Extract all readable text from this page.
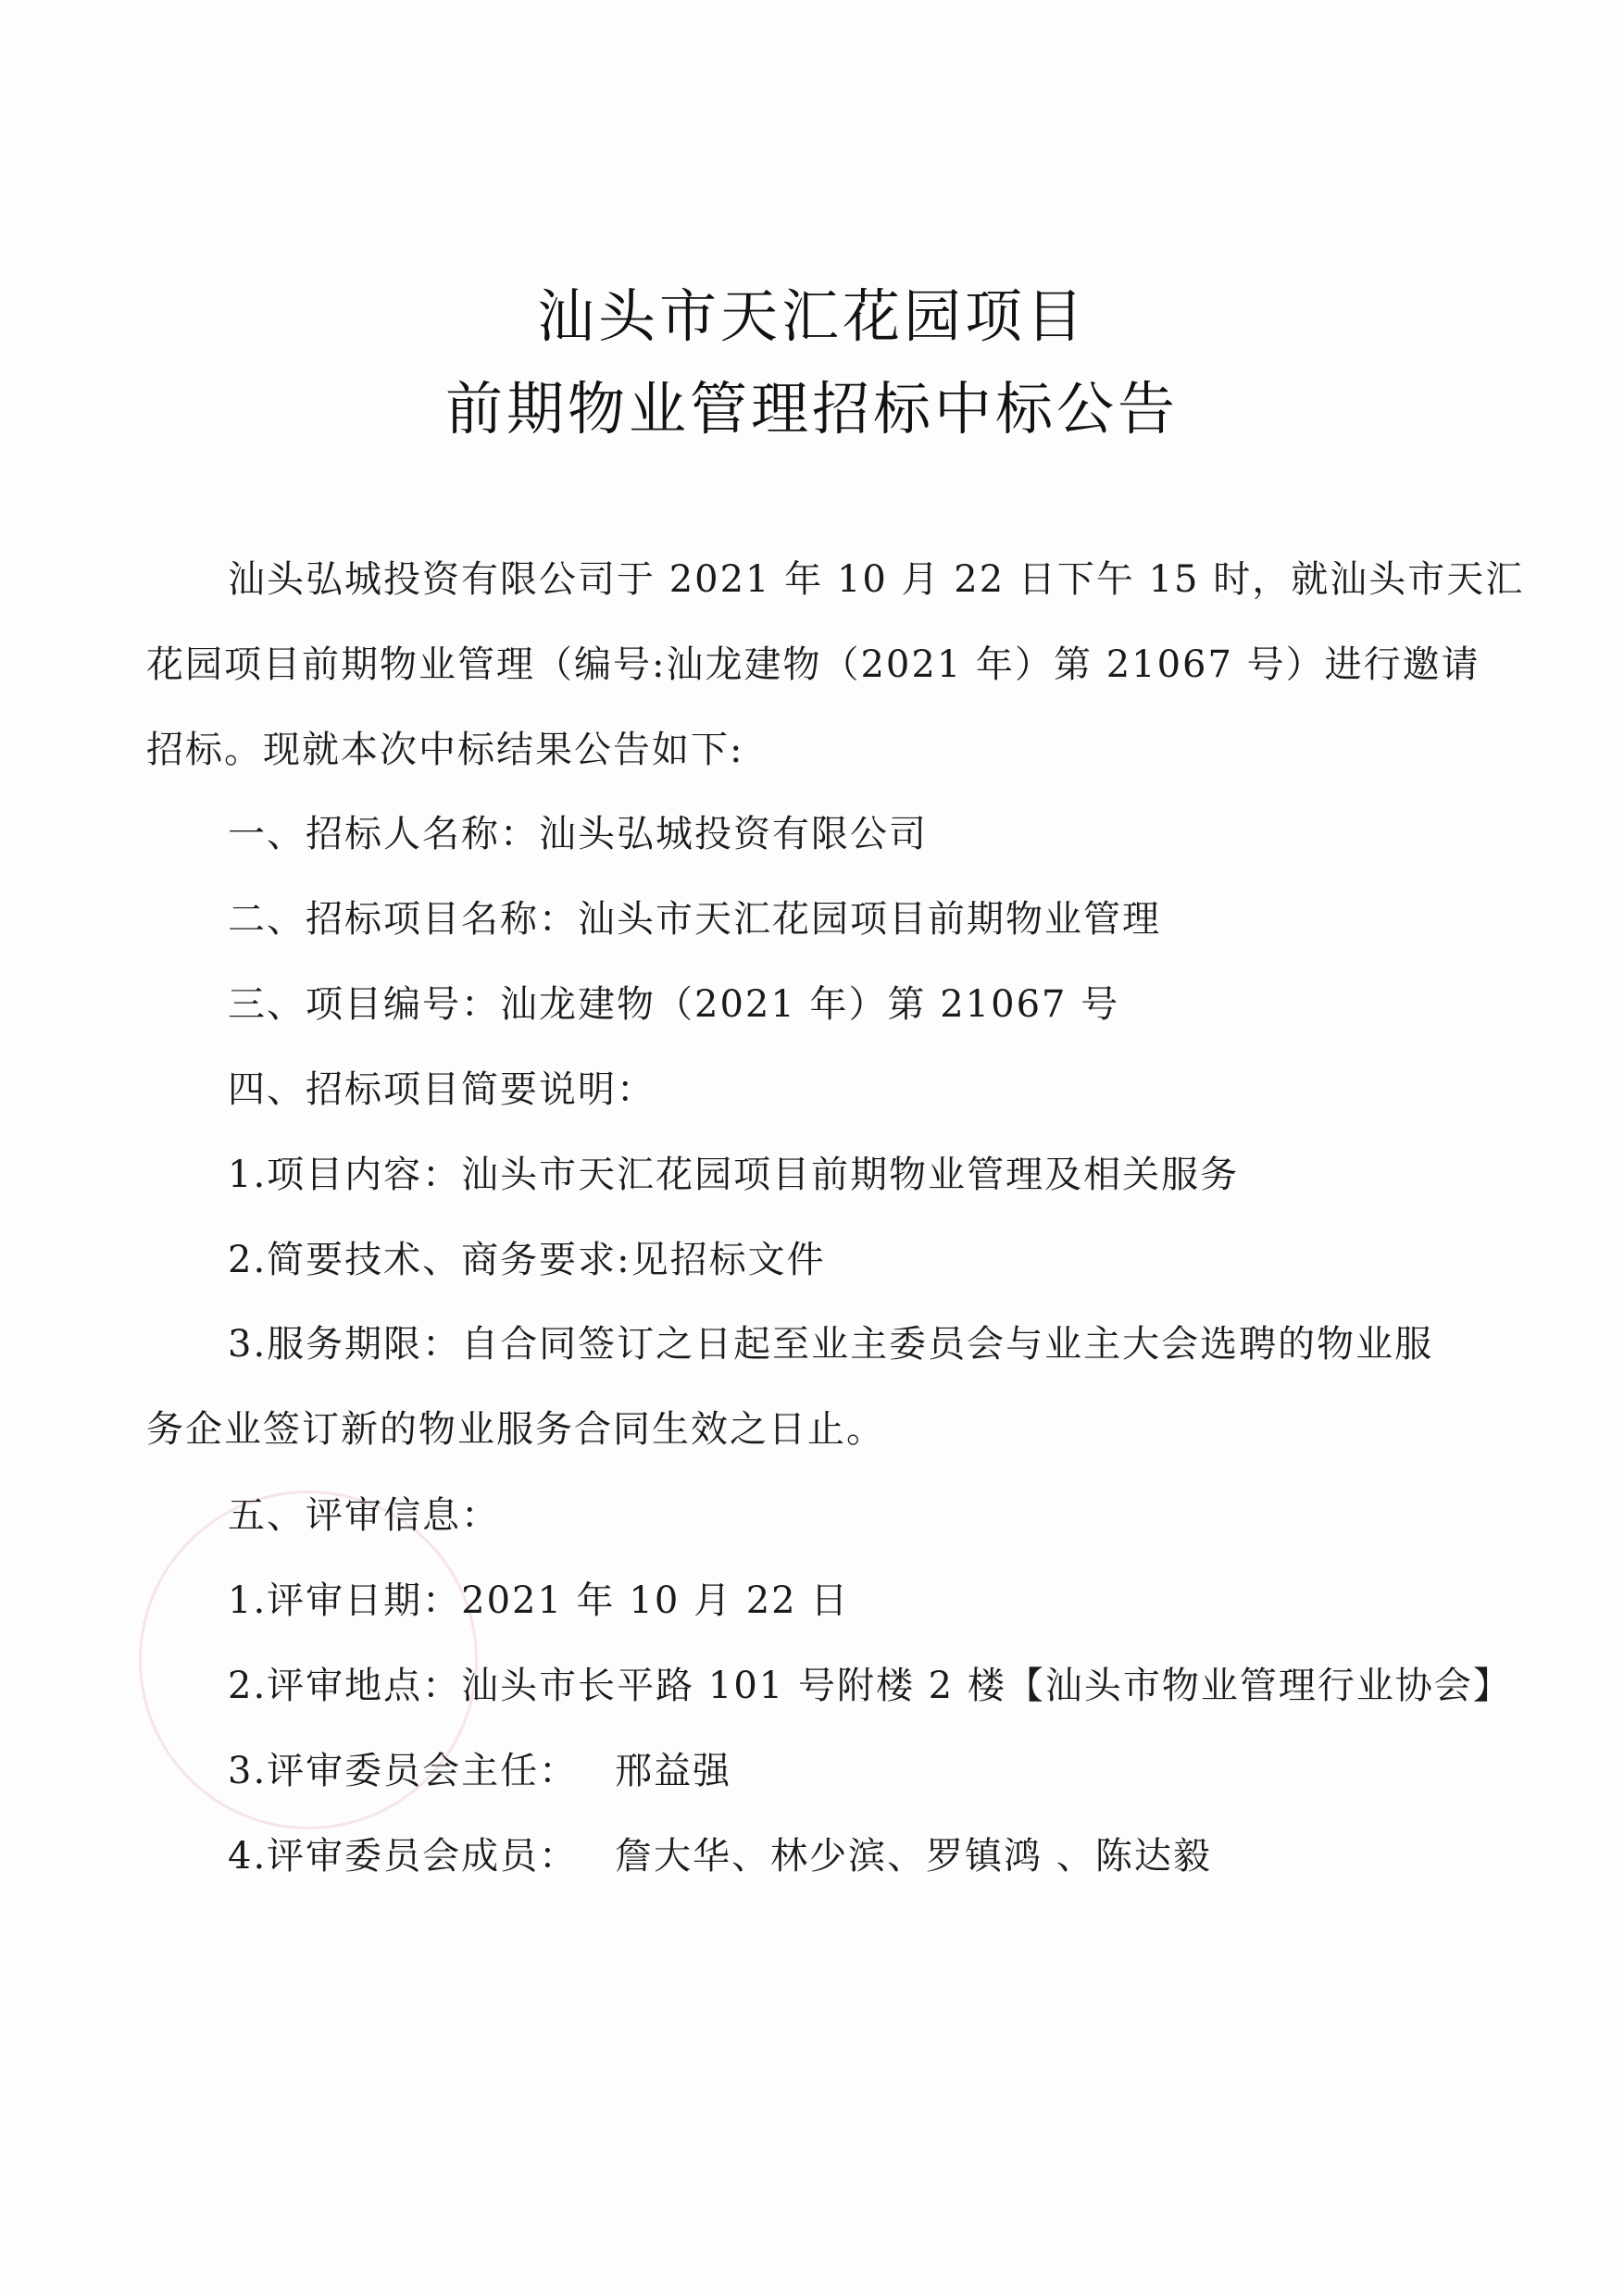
汕头市天汇花园项目
前期物业管理招标中标公告
汕头弘城投资有限公司于 2021 年 10 月 22 日下午 15 时，就汕头市天汇
花园项目前期物业管理（编号:汕龙建物（2021 年）第 21067 号）进行邀请
招标。现就本次中标结果公告如下:
一、招标人名称：汕头弘城投资有限公司
二、招标项目名称：汕头市天汇花园项目前期物业管理
三、项目编号：汕龙建物（2021 年）第 21067 号
四、招标项目简要说明：
1.项目内容：汕头市天汇花园项目前期物业管理及相关服务
2.简要技术、商务要求:见招标文件
3.服务期限：自合同签订之日起至业主委员会与业主大会选聘的物业服
务企业签订新的物业服务合同生效之日止。
五、评审信息：
1.评审日期：2021 年 10 月 22 日
2.评审地点：汕头市长平路 101 号附楼 2 楼【汕头市物业管理行业协会】
3.评审委员会主任： 邢益强
4.评审委员会成员： 詹大华、林少滨、罗镇鸿 、陈达毅
